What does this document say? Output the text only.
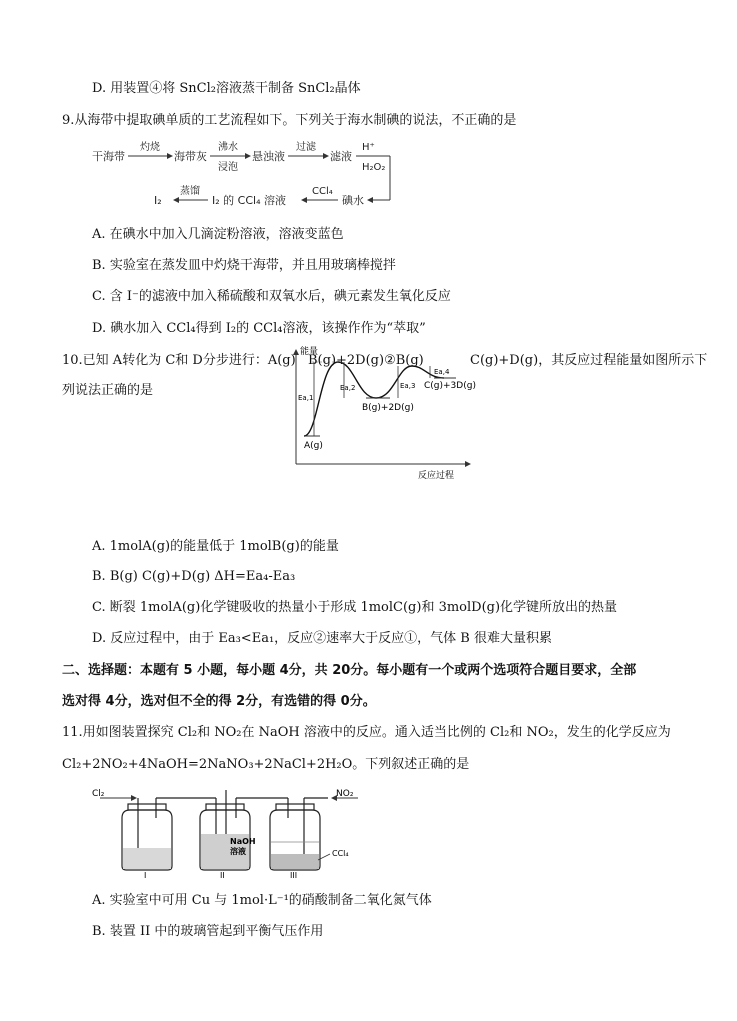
D. 用装置④将 SnCl₂溶液蒸干制备 SnCl₂晶体
9.从海带中提取碘单质的工艺流程如下。下列关于海水制碘的说法，不正确的是
干海带
灼烧
海带灰
沸水
浸泡
悬浊液
过滤
滤液
H⁺
H₂O₂
碘水
CCl₄
I₂ 的 CCl₄ 溶液
蒸馏
I₂
A. 在碘水中加入几滴淀粉溶液，溶液变蓝色
B. 实验室在蒸发皿中灼烧干海带，并且用玻璃棒搅拌
C. 含 I⁻的滤液中加入稀硫酸和双氧水后，碘元素发生氧化反应
D. 碘水加入 CCl₄得到 I₂的 CCl₄溶液，该操作作为“萃取”
10.已知 A转化为 C和 D分步进行：A(g) B(g)+2D(g)②B(g)	C(g)+D(g)，其反应过程能量如图所示下
列说法正确的是
能量
反应过程
Ea,1
Ea,2	Ea,3
Ea,4
A(g)
B(g)+2D(g)
C(g)+3D(g)
A. 1molA(g)的能量低于 1molB(g)的能量
B. B(g) C(g)+D(g) ΔH=Ea₄-Ea₃
C. 断裂 1molA(g)化学键吸收的热量小于形成 1molC(g)和 3molD(g)化学键所放出的热量
D. 反应过程中，由于 Ea₃<Ea₁，反应②速率大于反应①，气体 B 很难大量积累
二、选择题：本题有 5 小题，每小题 4分，共 20分。每小题有一个或两个选项符合题目要求，全部
选对得 4分，选对但不全的得 2分，有选错的得 0分。
11.用如图装置探究 Cl₂和 NO₂在 NaOH 溶液中的反应。通入适当比例的 Cl₂和 NO₂，发生的化学反应为
Cl₂+2NO₂+4NaOH=2NaNO₃+2NaCl+2H₂O。下列叙述正确的是
Cl₂	NO₂
NaOH
溶液	CCl₄
I	II	III
A. 实验室中可用 Cu 与 1mol·L⁻¹的硝酸制备二氧化氮气体
B. 装置 II 中的玻璃管起到平衡气压作用
